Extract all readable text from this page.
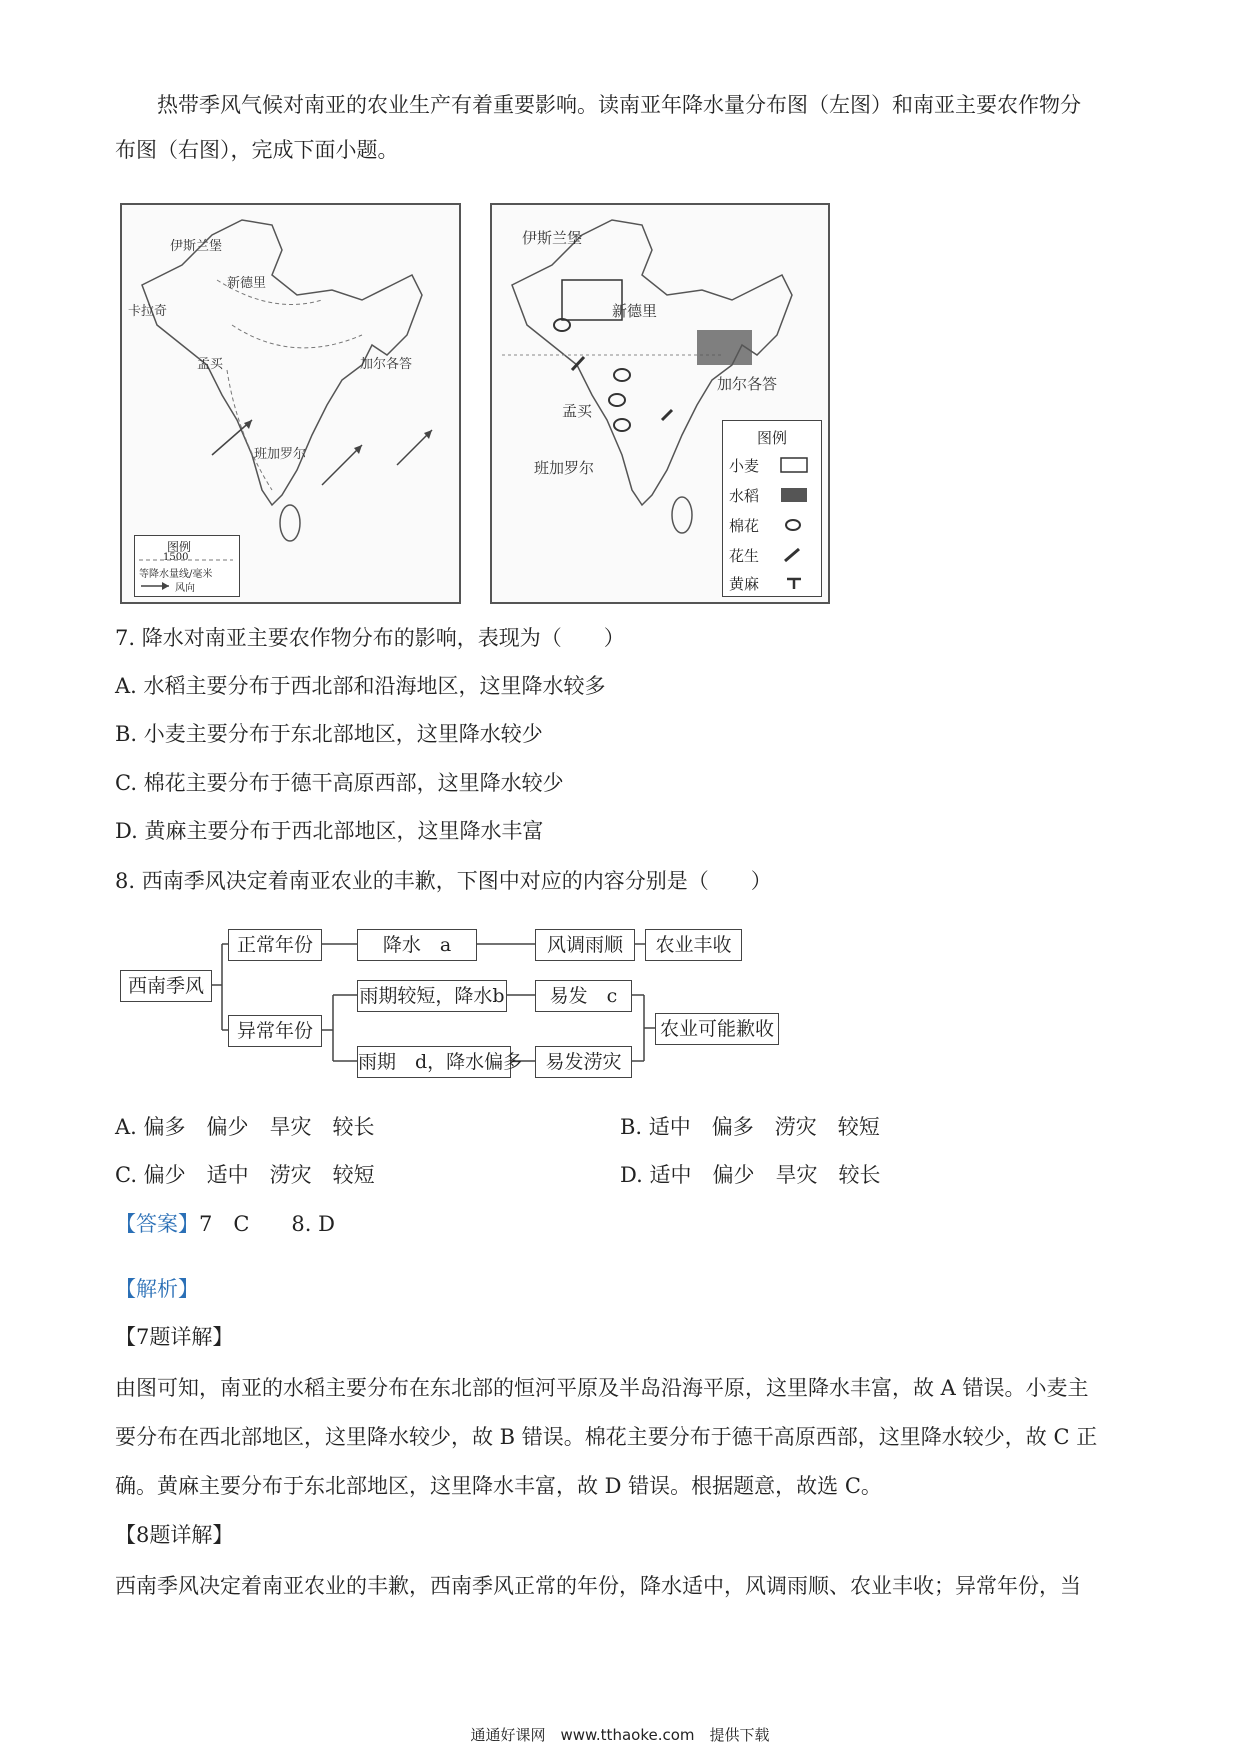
热带季风气候对南亚的农业生产有着重要影响。读南亚年降水量分布图（左图）和南亚主要农作物分
布图（右图），完成下面小题。
伊斯兰堡
新德里
卡拉奇
孟买
班加罗尔
加尔各答
图例
1500
等降水量线/毫米
风向
伊斯兰堡
新德里
加尔各答
孟买
班加罗尔
图例
小麦
水稻
棉花
花生
黄麻
7. 降水对南亚主要农作物分布的影响，表现为（　　）
A. 水稻主要分布于西北部和沿海地区，这里降水较多
B. 小麦主要分布于东北部地区，这里降水较少
C. 棉花主要分布于德干高原西部，这里降水较少
D. 黄麻主要分布于西北部地区，这里降水丰富
8. 西南季风决定着南亚农业的丰歉，下图中对应的内容分别是（　　）
西南季风
正常年份	降水　a	风调雨顺	农业丰收
异常年份
雨期较短，降水b	易发　c
雨期　d，降水偏多	易发涝灾
农业可能歉收
A. 偏多　偏少　旱灾　较长	B. 适中　偏多　涝灾　较短
C. 偏少　适中　涝灾　较短	D. 适中　偏少　旱灾　较长
【答案】7　C　　8. D
【解析】
【7题详解】
由图可知，南亚的水稻主要分布在东北部的恒河平原及半岛沿海平原，这里降水丰富，故 A 错误。小麦主
要分布在西北部地区，这里降水较少，故 B 错误。棉花主要分布于德干高原西部，这里降水较少，故 C 正
确。黄麻主要分布于东北部地区，这里降水丰富，故 D 错误。根据题意，故选 C。
【8题详解】
西南季风决定着南亚农业的丰歉，西南季风正常的年份，降水适中，风调雨顺、农业丰收；异常年份，当
通通好课网　www.tthaoke.com　提供下载
